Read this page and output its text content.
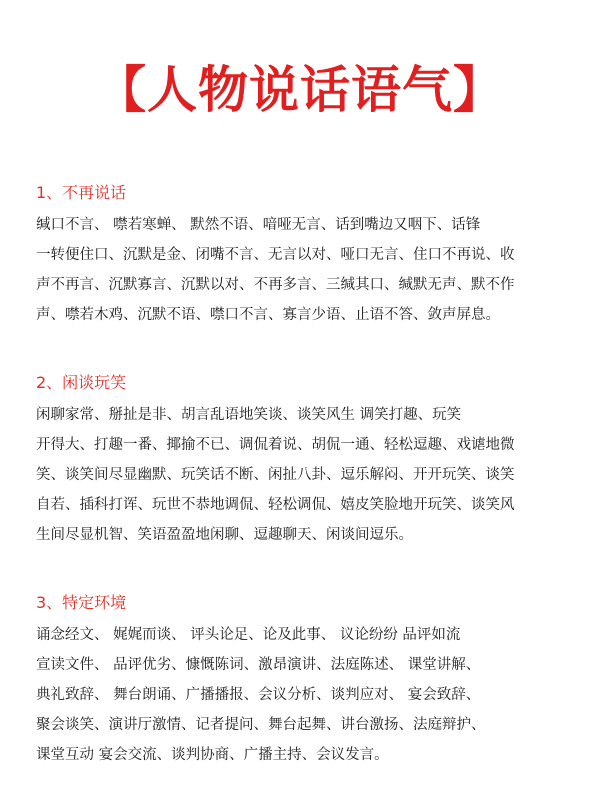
【人物说话语气】
1、不再说话
缄口不言、 噤若寒蝉、 默然不语、喑哑无言、话到嘴边又咽下、话锋
一转便住口、沉默是金、闭嘴不言、无言以对、哑口无言、住口不再说、收
声不再言、沉默寡言、沉默以对、不再多言、三缄其口、缄默无声、默不作
声、噤若木鸡、沉默不语、噤口不言、寡言少语、止语不答、敛声屏息。
2、闲谈玩笑
闲聊家常、掰扯是非、胡言乱语地笑谈、谈笑风生 调笑打趣、玩笑
开得大、打趣一番、揶揄不已、调侃着说、胡侃一通、轻松逗趣、戏谑地微
笑、谈笑间尽显幽默、玩笑话不断、闲扯八卦、逗乐解闷、开开玩笑、谈笑
自若、插科打诨、玩世不恭地调侃、轻松调侃、嬉皮笑脸地开玩笑、谈笑风
生间尽显机智、笑语盈盈地闲聊、逗趣聊天、闲谈间逗乐。
3、特定环境
诵念经文、 娓娓而谈、 评头论足、论及此事、 议论纷纷 品评如流
宣读文件、 品评优劣、慷慨陈词、激昂演讲、法庭陈述、 课堂讲解、
典礼致辞、 舞台朗诵、广播播报、会议分析、谈判应对、 宴会致辞、
聚会谈笑、演讲厅激情、记者提问、舞台起舞、讲台激扬、法庭辩护、
课堂互动 宴会交流、谈判协商、广播主持、会议发言。
